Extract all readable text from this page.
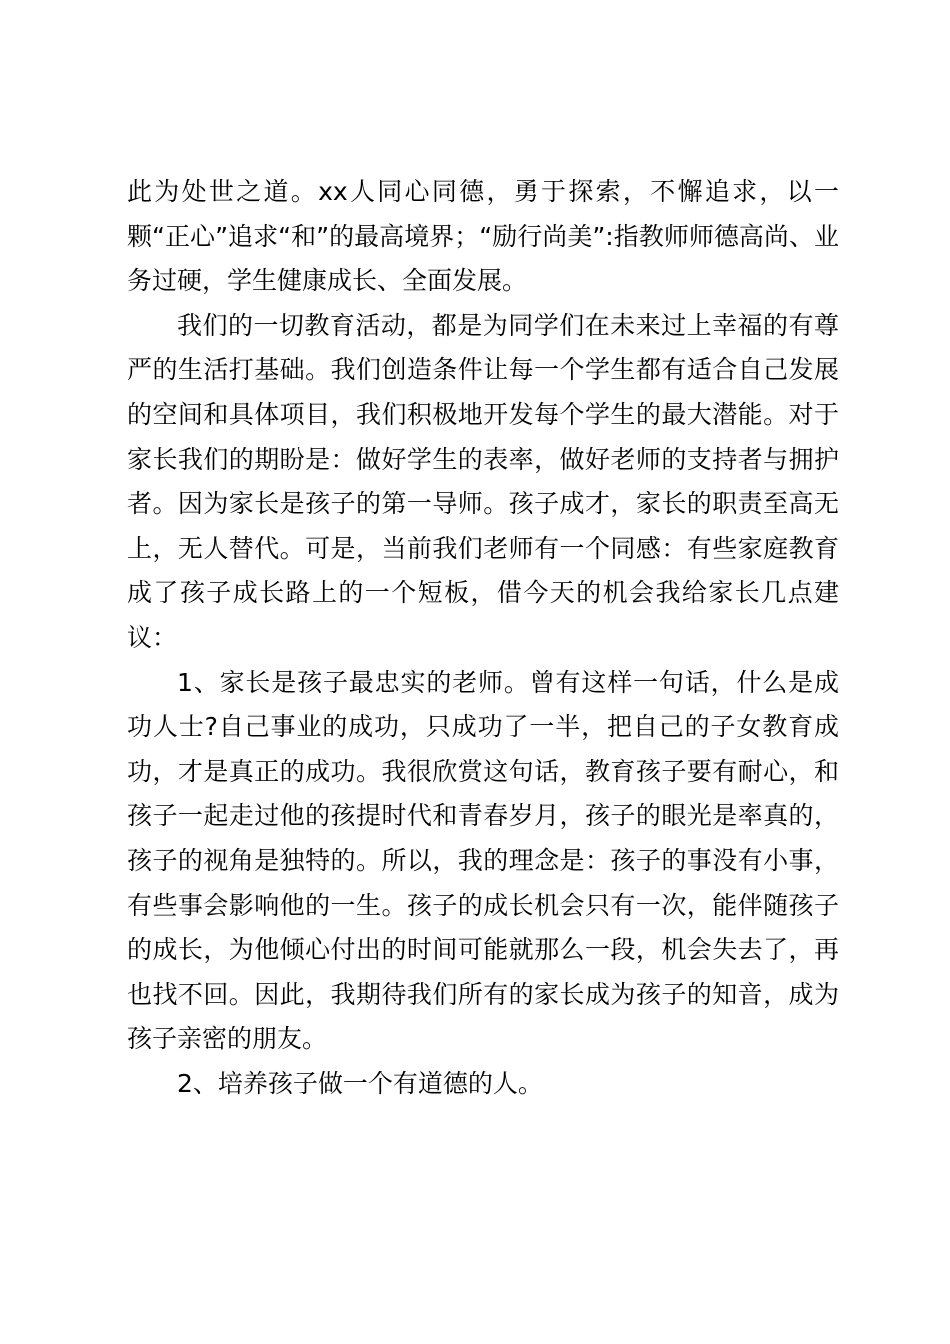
此为处世之道。xx人同心同德，勇于探索，不懈追求，以一颗“正心”追求“和”的最高境界；“励行尚美”:指教师师德高尚、业务过硬，学生健康成长、全面发展。

我们的一切教育活动，都是为同学们在未来过上幸福的有尊严的生活打基础。我们创造条件让每一个学生都有适合自己发展的空间和具体项目，我们积极地开发每个学生的最大潜能。对于家长我们的期盼是：做好学生的表率，做好老师的支持者与拥护者。因为家长是孩子的第一导师。孩子成才，家长的职责至高无上，无人替代。可是，当前我们老师有一个同感：有些家庭教育成了孩子成长路上的一个短板，借今天的机会我给家长几点建议：

1、家长是孩子最忠实的老师。曾有这样一句话，什么是成功人士?自己事业的成功，只成功了一半，把自己的子女教育成功，才是真正的成功。我很欣赏这句话，教育孩子要有耐心，和孩子一起走过他的孩提时代和青春岁月，孩子的眼光是率真的，孩子的视角是独特的。所以，我的理念是：孩子的事没有小事，有些事会影响他的一生。孩子的成长机会只有一次，能伴随孩子的成长，为他倾心付出的时间可能就那么一段，机会失去了，再也找不回。因此，我期待我们所有的家长成为孩子的知音，成为孩子亲密的朋友。

2、培养孩子做一个有道德的人。
